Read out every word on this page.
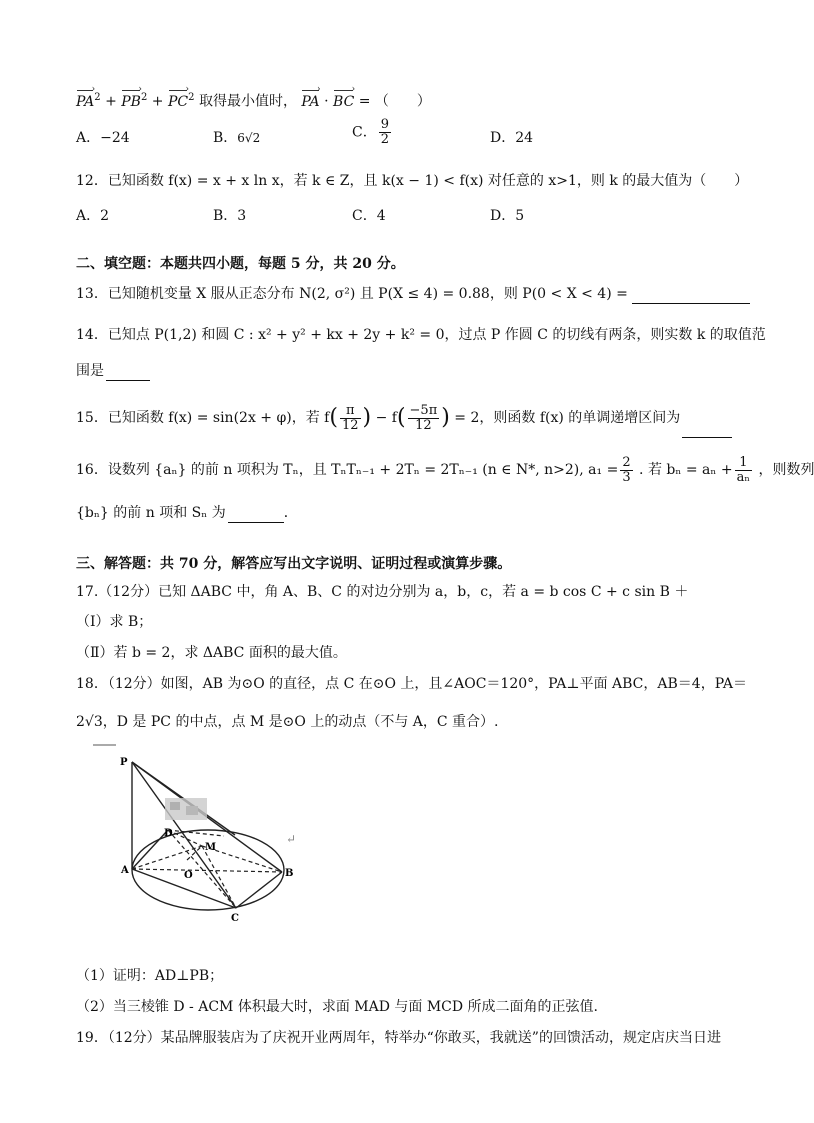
PA ›$^2$ + PB ›$^2$ + PC ›$^2$ 取得最小值时， PA › · BC › = （　　）
A．−24	B．6√2	C． $\frac{9}{2}$	D．24
12．已知函数 f(x) = x + x ln x，若 k ∈ Z，且 k(x − 1) < f(x) 对任意的 x>1，则 k 的最大值为（　　）
A．2	B．3	C．4	D．5
二、填空题：本题共四小题，每题 5 分，共 20 分。
13．已知随机变量 X 服从正态分布 N(2, σ²) 且 P(X ≤ 4) = 0.88，则 P(0 < X < 4) =
14．已知点 P(1,2) 和圆 C : x² + y² + kx + 2y + k² = 0，过点 P 作圆 C 的切线有两条，则实数 k 的取值范
围是
15．已知函数 f(x) = sin(2x + φ)，若 $f( \frac{\pi}{12}$ ) − $f( \frac{-5\pi}{12}$ ) = 2，则函数 f(x) 的单调递增区间为
16．设数列 {aₙ} 的前 n 项积为 Tₙ，且 TₙTₙ₋₁ + 2Tₙ = 2Tₙ₋₁ (n ∈ N*, n>2), $a_1 = \frac{2}{3}$ . 若 $b_n = a_n + \frac{1}{\text{aₙ}}$ ，则数列
{bₙ} 的前 n 项和 Sₙ 为	．
三、解答题：共 70 分，解答应写出文字说明、证明过程或演算步骤。
17.（12分）已知 ΔABC 中，角 A、B、C 的对边分别为 a，b，c，若 a = b cos C + c sin B ＋
（Ⅰ）求 B；
（Ⅱ）若 b = 2，求 ΔABC 面积的最大值。
18．（12分）如图，AB 为⊙O 的直径，点 C 在⊙O 上，且∠AOC＝120°，PA⊥平面 ABC，AB＝4，PA＝
2√3，D 是 PC 的中点，点 M 是⊙O 上的动点（不与 A，C 重合）.
P
D
M
A	O	B
C
↵
（1）证明：AD⊥PB；
（2）当三棱锥 D - ACM 体积最大时，求面 MAD 与面 MCD 所成二面角的正弦值.
19．（12分）某品牌服装店为了庆祝开业两周年，特举办“你敢买，我就送”的回馈活动，规定店庆当日进
